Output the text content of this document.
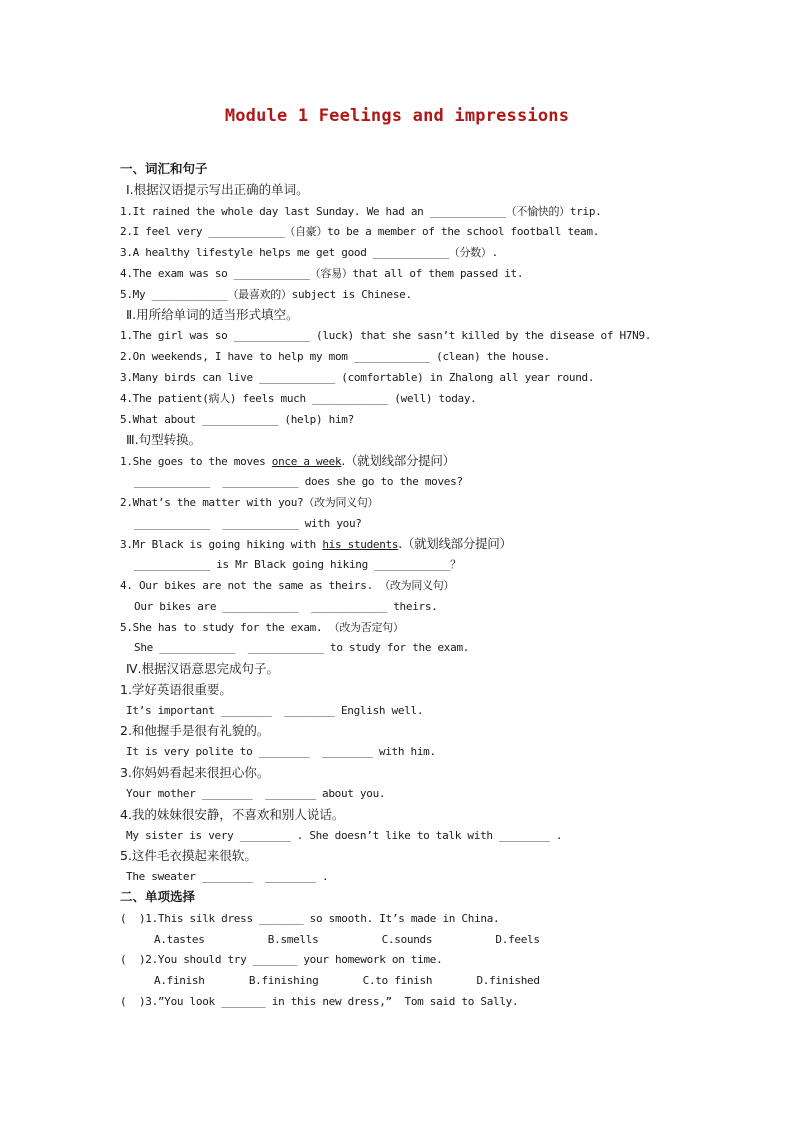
Module 1 Feelings and impressions
一、词汇和句子
Ⅰ.根据汉语提示写出正确的单词。
1.It rained the whole day last Sunday. We had an ____________（不愉快的）trip.
2.I feel very ____________（自豪）to be a member of the school football team.
3.A healthy lifestyle helps me get good ____________（分数）.
4.The exam was so ____________（容易）that all of them passed it.
5.My ____________（最喜欢的）subject is Chinese.
Ⅱ.用所给单词的适当形式填空。
1.The girl was so ____________ (luck) that she sasn’t killed by the disease of H7N9.
2.On weekends, I have to help my mom ____________ (clean) the house.
3.Many birds can live ____________ (comfortable) in Zhalong all year round.
4.The patient(病人) feels much ____________ (well) today.
5.What about ____________ (help) him?
Ⅲ.句型转换。
1.She goes to the moves once a week.（就划线部分提问）
____________  ____________ does she go to the moves?
2.What’s the matter with you?（改为同义句）
____________  ____________ with you?
3.Mr Black is going hiking with his students.（就划线部分提问）
____________ is Mr Black going hiking ____________？
4. Our bikes are not the same as theirs. （改为同义句）
Our bikes are ____________  ____________ theirs.
5.She has to study for the exam. （改为否定句）
She ____________  ____________ to study for the exam.
Ⅳ.根据汉语意思完成句子。
1.学好英语很重要。
It’s important ________  ________ English well.
2.和他握手是很有礼貌的。
It is very polite to ________  ________ with him.
3.你妈妈看起来很担心你。
Your mother ________  ________ about you.
4.我的妹妹很安静，不喜欢和别人说话。
My sister is very ________ . She doesn’t like to talk with ________ .
5.这件毛衣摸起来很软。
The sweater ________  ________ .
二、单项选择
(  )1.This silk dress _______ so smooth. It’s made in China.
A.tastes          B.smells          C.sounds          D.feels
(  )2.You should try _______ your homework on time.
A.finish       B.finishing       C.to finish       D.finished
(  )3.”You look _______ in this new dress,”  Tom said to Sally.
